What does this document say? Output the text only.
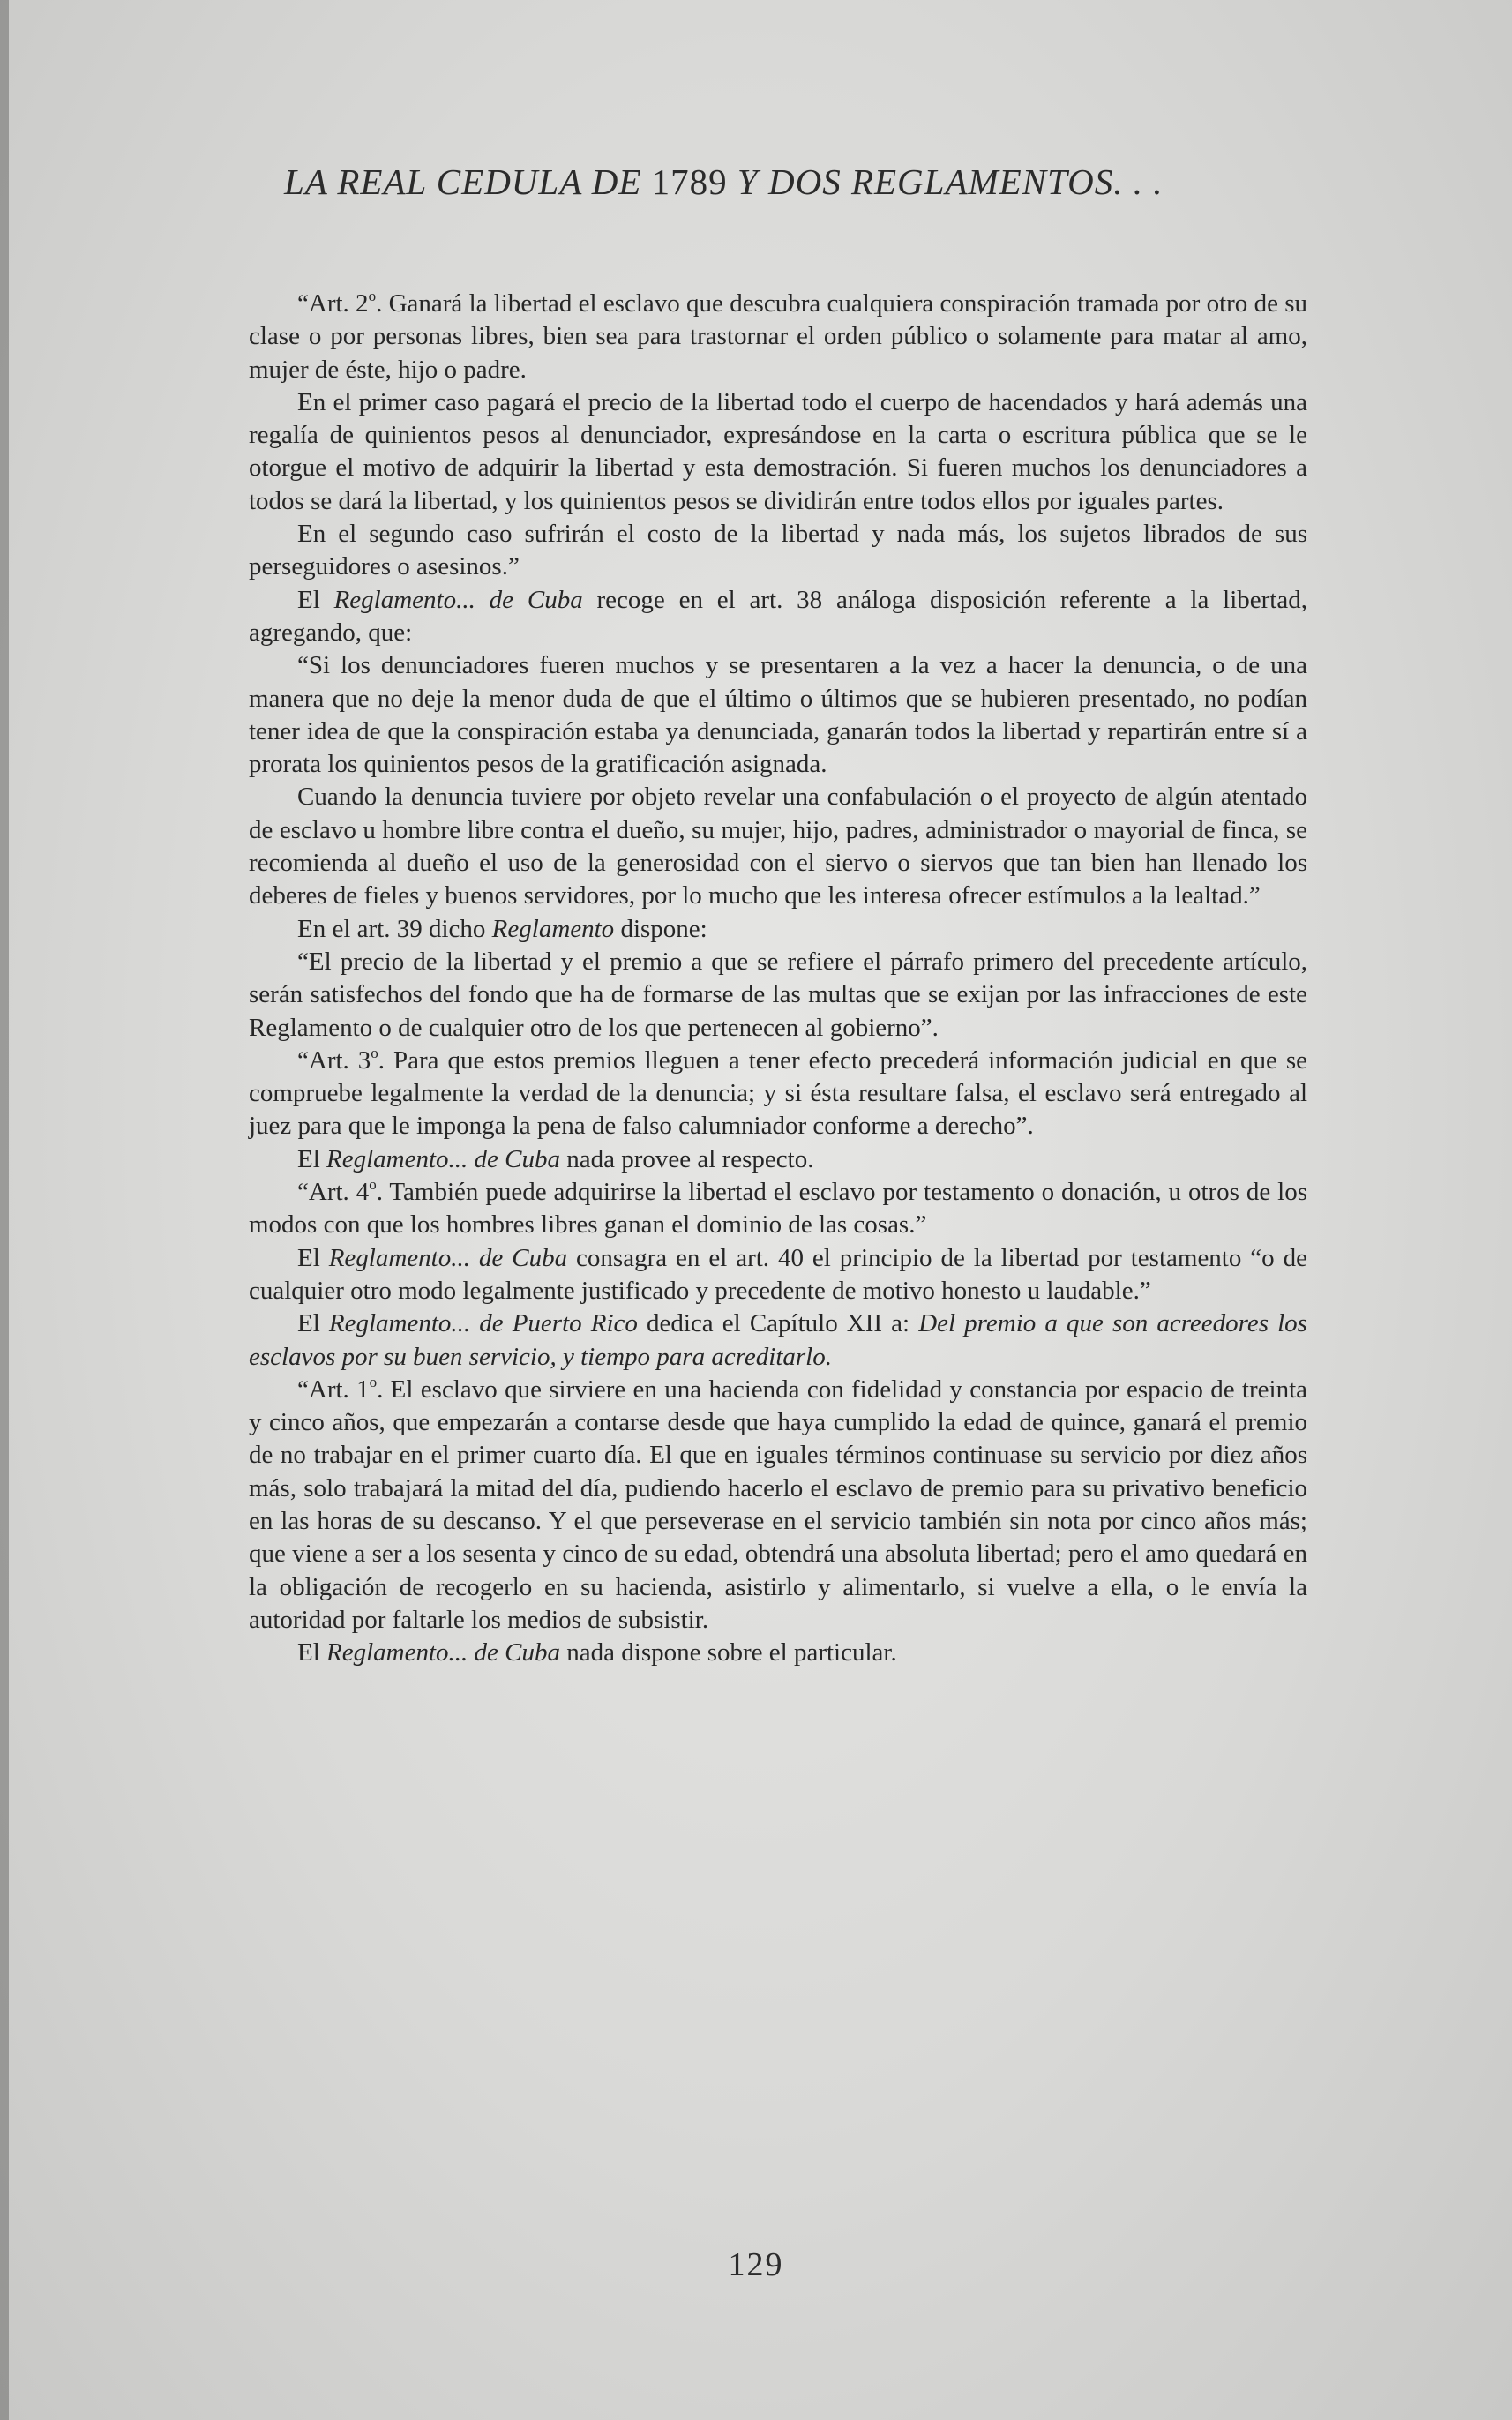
LA REAL CEDULA DE 1789 Y DOS REGLAMENTOS. . .

“Art. 2$^o$. Ganará la libertad el esclavo que descubra cualquiera conspiración tramada por otro de su clase o por personas libres, bien sea para trastornar el orden público o solamente para matar al amo, mujer de éste, hijo o padre.

En el primer caso pagará el precio de la libertad todo el cuerpo de hacendados y hará además una regalía de quinientos pesos al denunciador, expresándose en la carta o escritura pública que se le otorgue el motivo de adquirir la libertad y esta demostración. Si fueren muchos los denunciadores a todos se dará la libertad, y los quinientos pesos se dividirán entre todos ellos por iguales partes.

En el segundo caso sufrirán el costo de la libertad y nada más, los sujetos librados de sus perseguidores o asesinos.”

El Reglamento... de Cuba recoge en el art. 38 análoga disposición referente a la libertad, agregando, que:

“Si los denunciadores fueren muchos y se presentaren a la vez a hacer la denuncia, o de una manera que no deje la menor duda de que el último o últimos que se hubieren presentado, no podían tener idea de que la conspiración estaba ya denunciada, ganarán todos la libertad y repartirán entre sí a prorata los quinientos pesos de la gratificación asignada.

Cuando la denuncia tuviere por objeto revelar una confabulación o el proyecto de algún atentado de esclavo u hombre libre contra el dueño, su mujer, hijo, padres, administrador o mayorial de finca, se recomienda al dueño el uso de la generosidad con el siervo o siervos que tan bien han llenado los deberes de fieles y buenos servidores, por lo mucho que les interesa ofrecer estímulos a la lealtad.”

En el art. 39 dicho Reglamento dispone:

“El precio de la libertad y el premio a que se refiere el párrafo primero del precedente artículo, serán satisfechos del fondo que ha de formarse de las multas que se exijan por las infracciones de este Reglamento o de cualquier otro de los que pertenecen al gobierno”.

“Art. 3$^o$. Para que estos premios lleguen a tener efecto precederá información judicial en que se compruebe legalmente la verdad de la denuncia; y si ésta resultare falsa, el esclavo será entregado al juez para que le imponga la pena de falso calumniador conforme a derecho”.

El Reglamento... de Cuba nada provee al respecto.

“Art. 4$^o$. También puede adquirirse la libertad el esclavo por testamento o donación, u otros de los modos con que los hombres libres ganan el dominio de las cosas.”

El Reglamento... de Cuba consagra en el art. 40 el principio de la libertad por testamento “o de cualquier otro modo legalmente justificado y precedente de motivo honesto u laudable.”

El Reglamento... de Puerto Rico dedica el Capítulo XII a: Del premio a que son acreedores los esclavos por su buen servicio, y tiempo para acreditarlo.

“Art. 1$^o$. El esclavo que sirviere en una hacienda con fidelidad y constancia por espacio de treinta y cinco años, que empezarán a contarse desde que haya cumplido la edad de quince, ganará el premio de no trabajar en el primer cuarto día. El que en iguales términos continuase su servicio por diez años más, solo trabajará la mitad del día, pudiendo hacerlo el esclavo de premio para su privativo beneficio en las horas de su descanso. Y el que perseverase en el servicio también sin nota por cinco años más; que viene a ser a los sesenta y cinco de su edad, obtendrá una absoluta libertad; pero el amo quedará en la obligación de recogerlo en su hacienda, asistirlo y alimentarlo, si vuelve a ella, o le envía la autoridad por faltarle los medios de subsistir.

El Reglamento... de Cuba nada dispone sobre el particular.

129
